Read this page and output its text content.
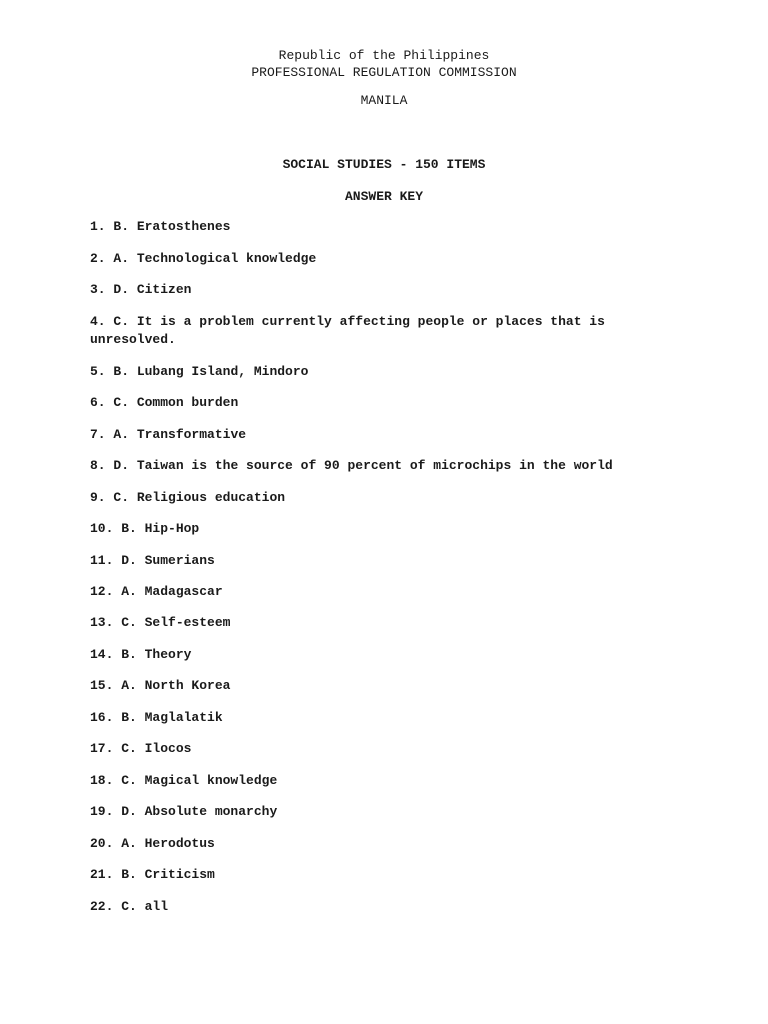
Republic of the Philippines
PROFESSIONAL REGULATION COMMISSION
MANILA
SOCIAL STUDIES - 150 ITEMS
ANSWER KEY
1. B. Eratosthenes
2. A. Technological knowledge
3. D. Citizen
4. C. It is a problem currently affecting people or places that is unresolved.
5. B. Lubang Island, Mindoro
6. C. Common burden
7. A. Transformative
8. D. Taiwan is the source of 90 percent of microchips in the world
9. C. Religious education
10. B. Hip-Hop
11. D. Sumerians
12. A. Madagascar
13. C. Self-esteem
14. B. Theory
15. A. North Korea
16. B. Maglalatik
17. C. Ilocos
18. C. Magical knowledge
19. D. Absolute monarchy
20. A. Herodotus
21. B. Criticism
22. C. all
